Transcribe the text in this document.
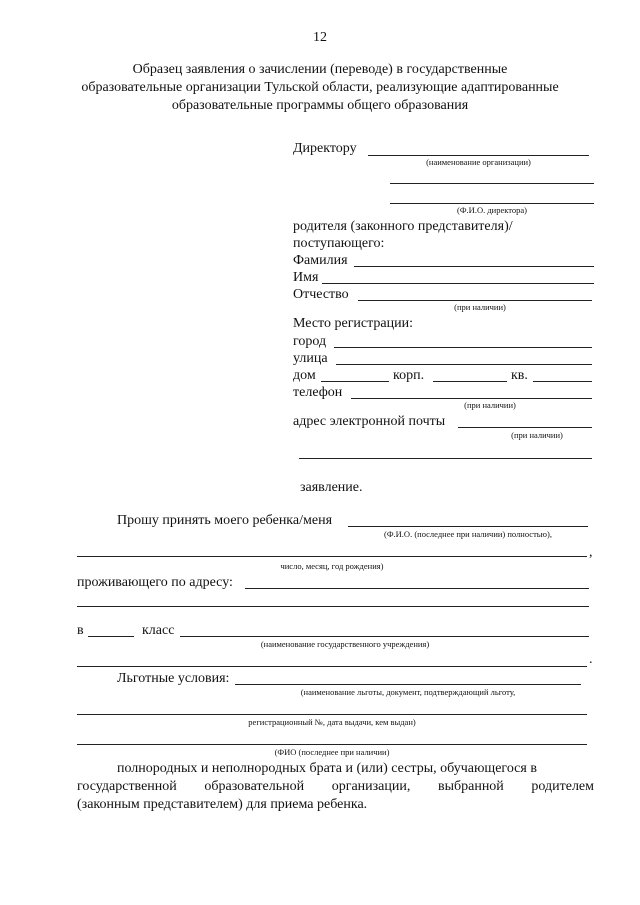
12
Образец заявления о зачислении (переводе) в государственные
образовательные организации Тульской области, реализующие адаптированные
образовательные программы общего образования
Директору
(наименование организации)
(Ф.И.О. директора)
родителя (законного представителя)/
поступающего:
Фамилия
Имя
Отчество
(при наличии)
Место регистрации:
город
улица
дом	корп.	кв.
телефон
(при наличии)
адрес электронной почты
(при наличии)
заявление.
Прошу принять моего ребенка/меня
(Ф.И.О. (последнее при наличии) полностью),
,
число, месяц, год рождения)
проживающего по адресу:
в	класс
(наименование государственного учреждения)
.
Льготные условия:
(наименование льготы, документ, подтверждающий льготу,
регистрационный №, дата выдачи, кем выдан)
(ФИО (последнее при наличии)
полнородных и неполнородных брата и (или) сестры, обучающегося в
государственной образовательной организации, выбранной родителем
(законным представителем) для приема ребенка.
